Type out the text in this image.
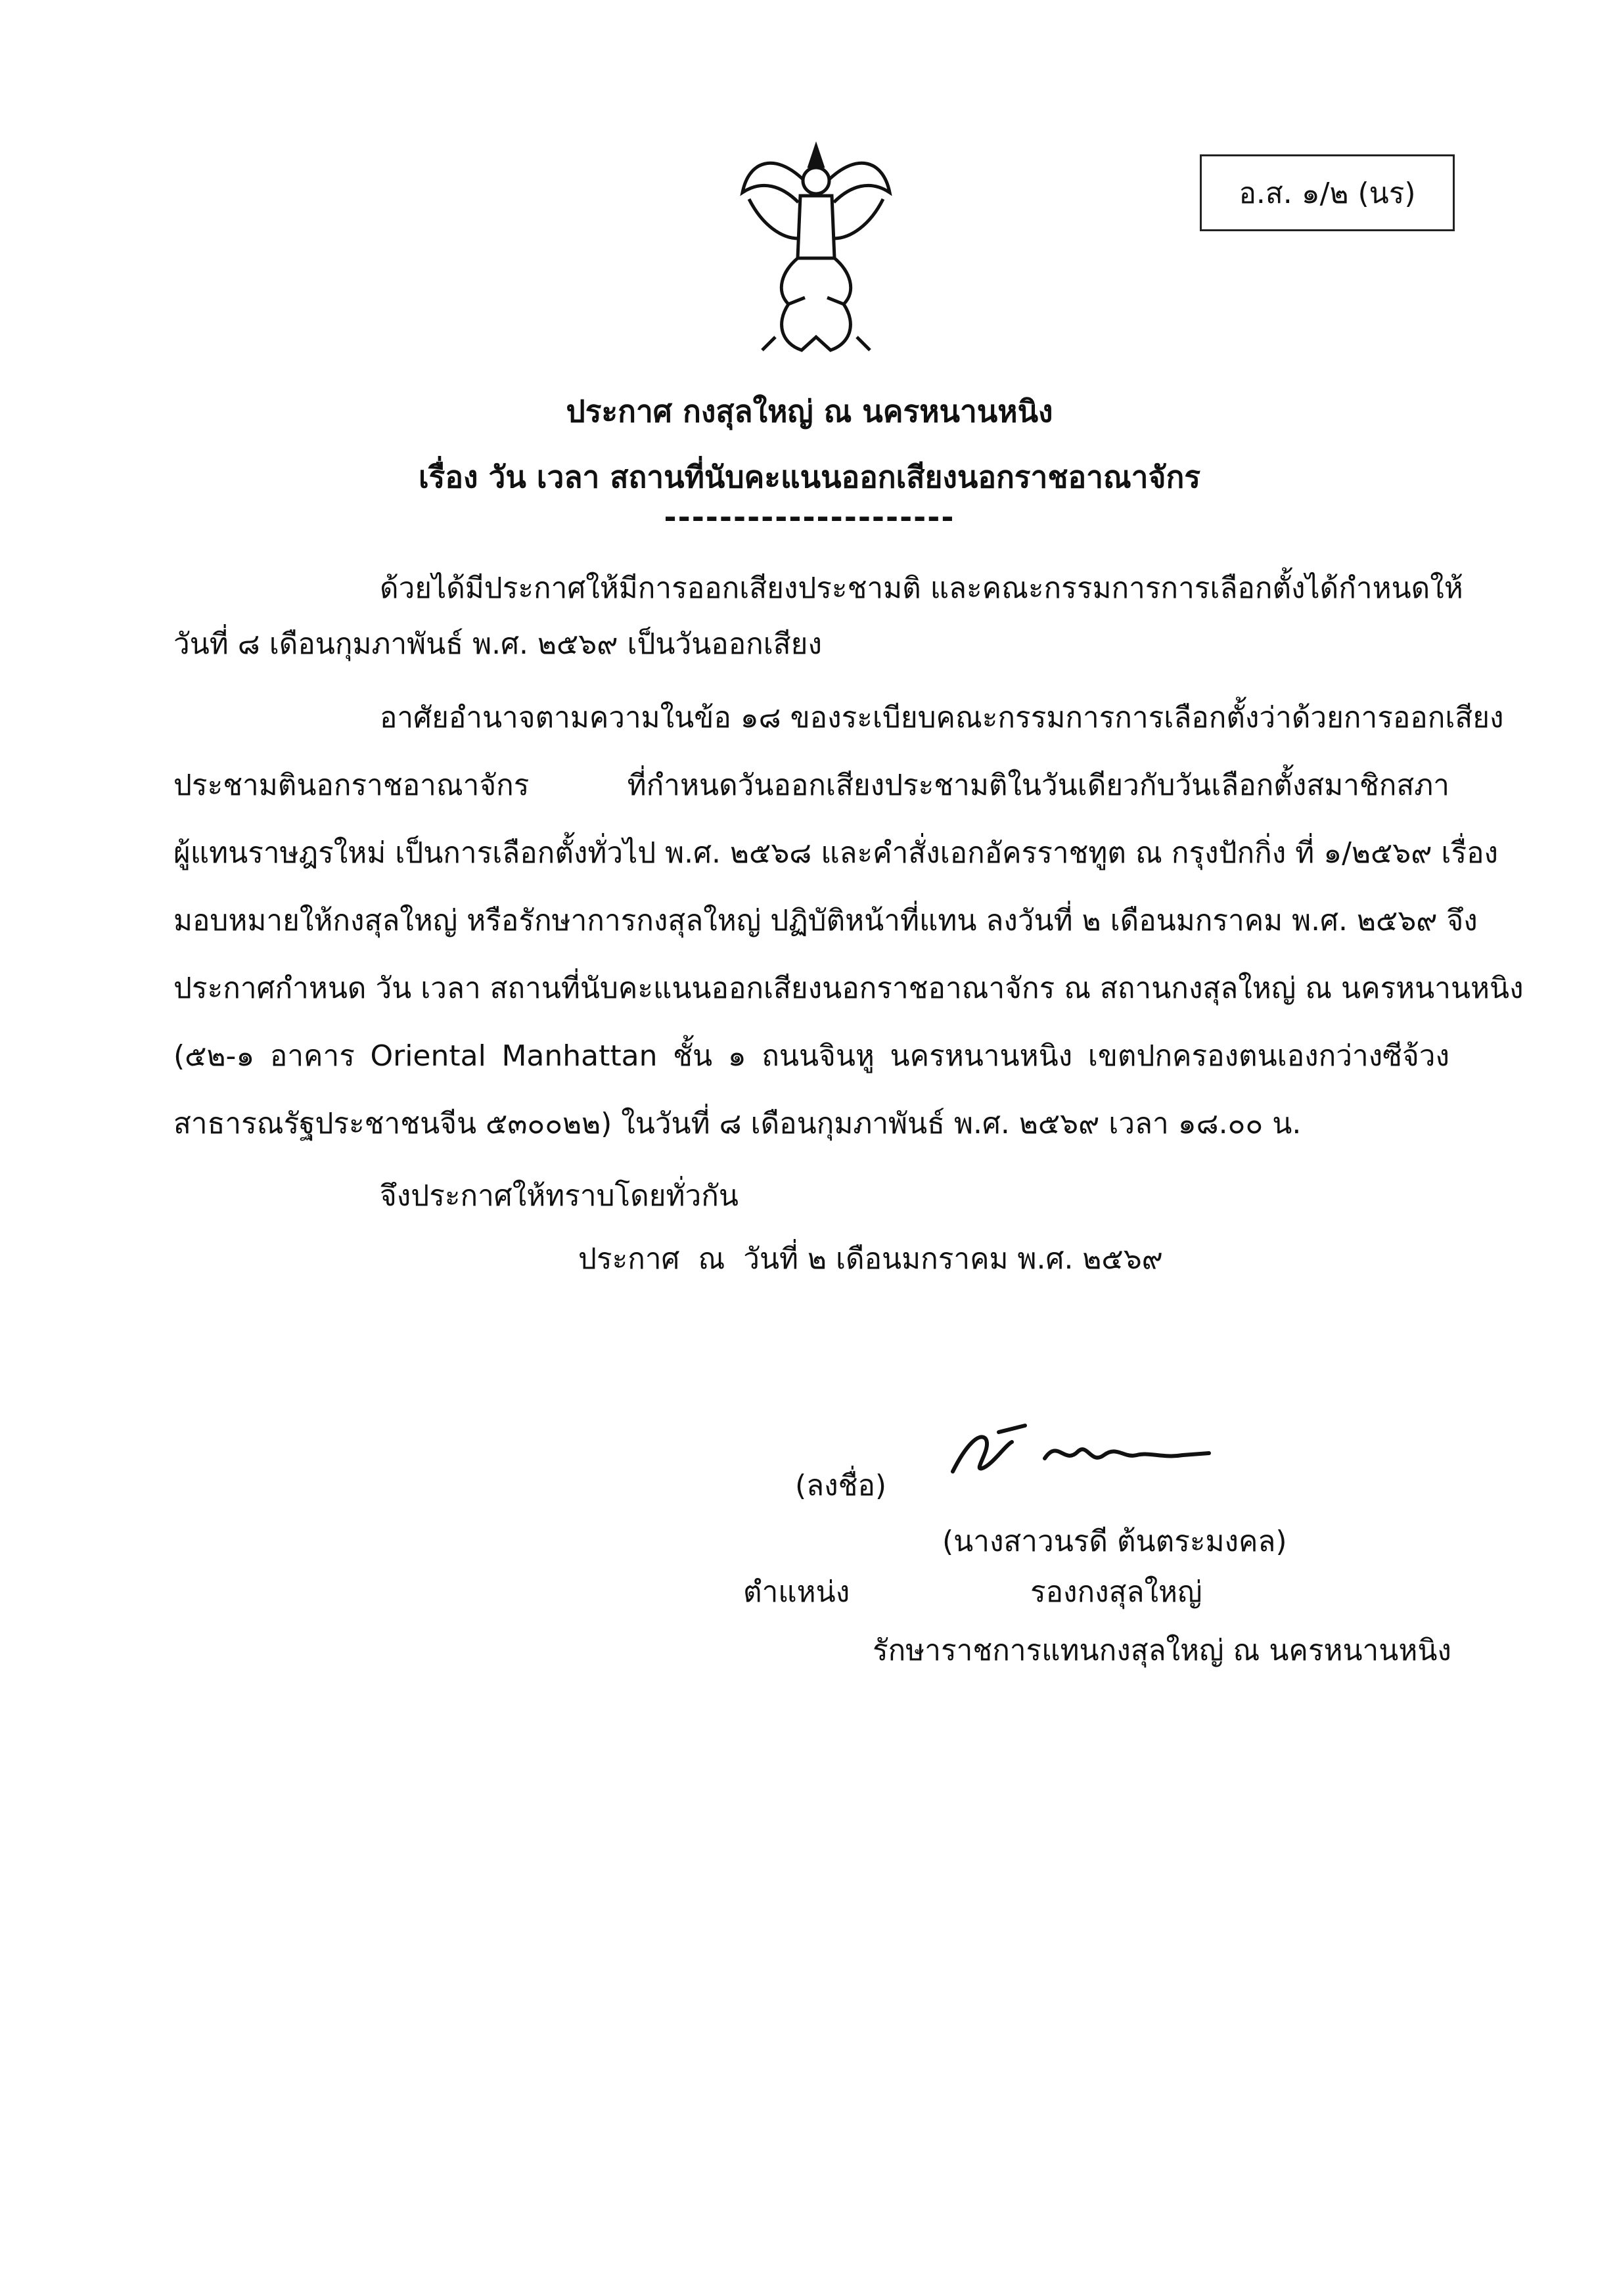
อ.ส. ๑/๒ (นร)
ประกาศ กงสุลใหญ่ ณ นครหนานหนิง
เรื่อง วัน เวลา สถานที่นับคะแนนออกเสียงนอกราชอาณาจักร
---------------------
ด้วยได้มีประกาศให้มีการออกเสียงประชามติ และคณะกรรมการการเลือกตั้งได้กำหนดให้
วันที่ ๘ เดือนกุมภาพันธ์ พ.ศ. ๒๕๖๙ เป็นวันออกเสียง
อาศัยอำนาจตามความในข้อ ๑๘ ของระเบียบคณะกรรมการการเลือกตั้งว่าด้วยการออกเสียง
ประชามตินอกราชอาณาจักร ที่กำหนดวันออกเสียงประชามติในวันเดียวกับวันเลือกตั้งสมาชิกสภา
ผู้แทนราษฎรใหม่ เป็นการเลือกตั้งทั่วไป พ.ศ. ๒๕๖๘ และคำสั่งเอกอัครราชทูต ณ กรุงปักกิ่ง ที่ ๑/๒๕๖๙ เรื่อง
มอบหมายให้กงสุลใหญ่ หรือรักษาการกงสุลใหญ่ ปฏิบัติหน้าที่แทน ลงวันที่ ๒ เดือนมกราคม พ.ศ. ๒๕๖๙ จึง
ประกาศกำหนด วัน เวลา สถานที่นับคะแนนออกเสียงนอกราชอาณาจักร ณ สถานกงสุลใหญ่ ณ นครหนานหนิง
(๕๒-๑ อาคาร Oriental Manhattan ชั้น ๑ ถนนจินหู นครหนานหนิง เขตปกครองตนเองกว่างซีจ้วง
สาธารณรัฐประชาชนจีน ๕๓๐๐๒๒) ในวันที่ ๘ เดือนกุมภาพันธ์ พ.ศ. ๒๕๖๙ เวลา ๑๘.๐๐ น.
จึงประกาศให้ทราบโดยทั่วกัน
ประกาศ  ณ  วันที่ ๒ เดือนมกราคม พ.ศ. ๒๕๖๙
(ลงชื่อ)
(นางสาวนรดี ต้นตระมงคล)
ตำแหน่ง	รองกงสุลใหญ่
รักษาราชการแทนกงสุลใหญ่ ณ นครหนานหนิง
